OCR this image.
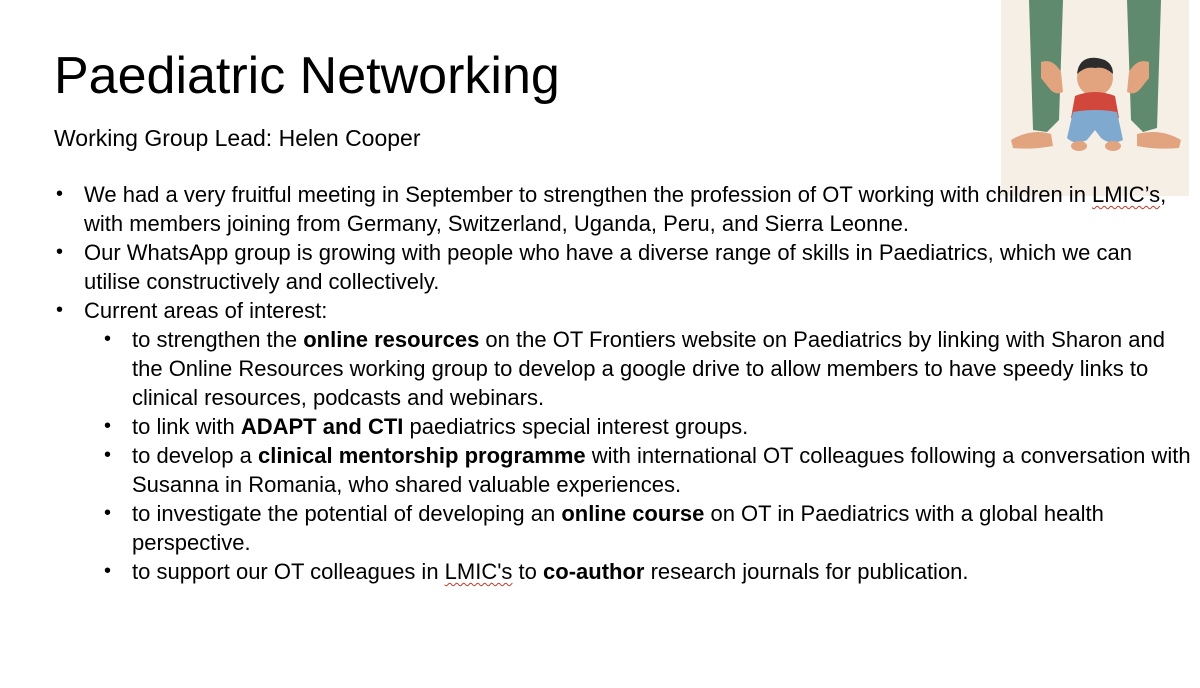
Paediatric Networking

Working Group Lead: Helen Cooper

• We had a very fruitful meeting in September to strengthen the profession of OT working with children in LMIC’s, with members joining from Germany, Switzerland, Uganda, Peru, and Sierra Leonne.
• Our WhatsApp group is growing with people who have a diverse range of skills in Paediatrics, which we can utilise constructively and collectively.
• Current areas of interest:
• to strengthen the online resources on the OT Frontiers website on Paediatrics by linking with Sharon and the Online Resources working group to develop a google drive to allow members to have speedy links to clinical resources, podcasts and webinars.
• to link with ADAPT and CTI paediatrics special interest groups.
• to develop a clinical mentorship programme with international OT colleagues following a conversation with Susanna in Romania, who shared valuable experiences.
• to investigate the potential of developing an online course on OT in Paediatrics with a global health perspective.
• to support our OT colleagues in LMIC's to co-author research journals for publication.
